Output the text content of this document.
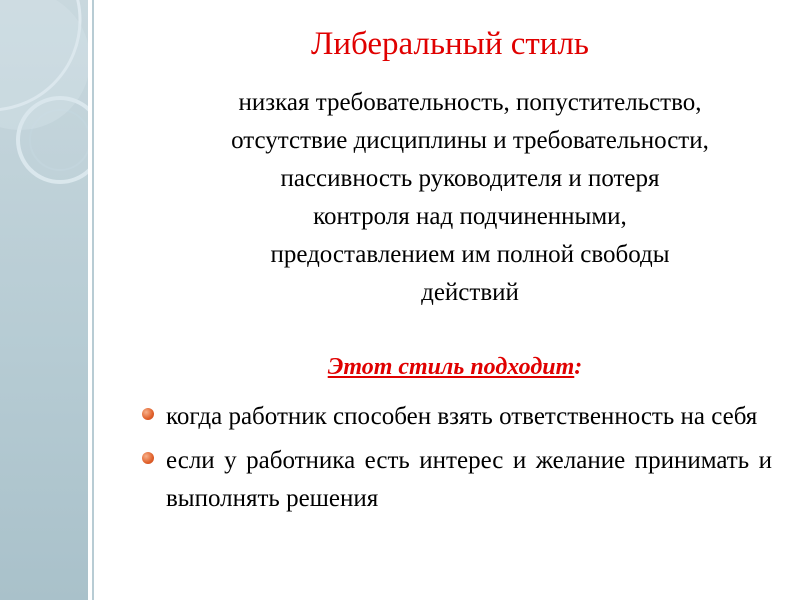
Либеральный стиль

низкая требовательность, попустительство,
отсутствие дисциплины и требовательности,
пассивность руководителя и потеря
контроля над подчиненными,
предоставлением им полной свободы
действий

Этот стиль подходит:

когда работник способен взять ответственность на себя
если у работника есть интерес и желание принимать и выполнять решения
